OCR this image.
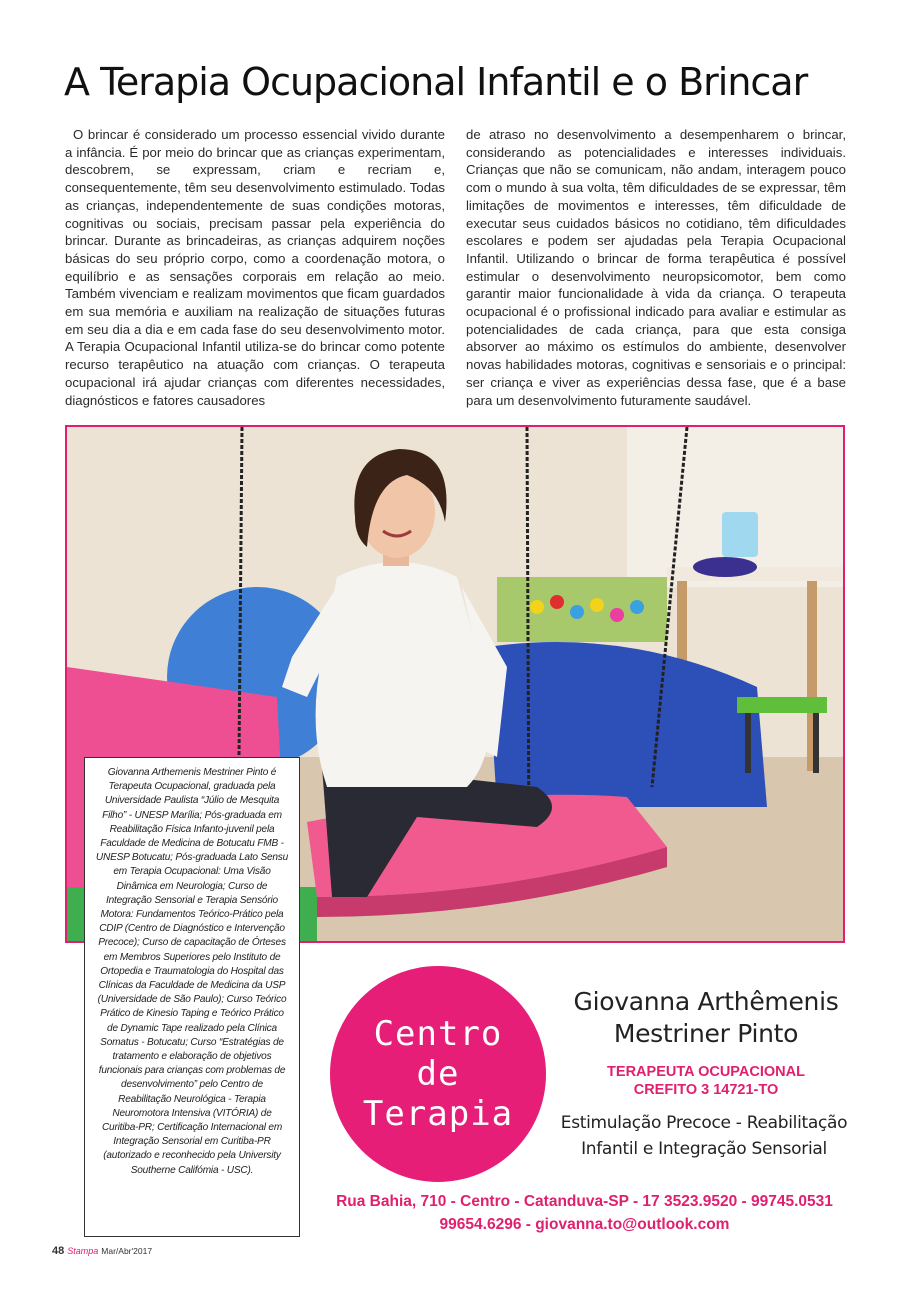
A Terapia Ocupacional Infantil e o Brincar

O brincar é considerado um processo essencial vivido durante a infância. É por meio do brincar que as crianças experimentam, descobrem, se expressam, criam e recriam e, consequentemente, têm seu desenvolvimento estimulado. Todas as crianças, independentemente de suas condições motoras, cognitivas ou sociais, precisam passar pela experiência do brincar. Durante as brincadeiras, as crianças adquirem noções básicas do seu próprio corpo, como a coordenação motora, o equilíbrio e as sensações corporais em relação ao meio. Também vivenciam e realizam movimentos que ficam guardados em sua memória e auxiliam na realização de situações futuras em seu dia a dia e em cada fase do seu desenvolvimento motor. A Terapia Ocupacional Infantil utiliza-se do brincar como potente recurso terapêutico na atuação com crianças. O terapeuta ocupacional irá ajudar crianças com diferentes necessidades, diagnósticos e fatores causadores

de atraso no desenvolvimento a desempenharem o brincar, considerando as potencialidades e interesses individuais. Crianças que não se comunicam, não andam, interagem pouco com o mundo à sua volta, têm dificuldades de se expressar, têm limitações de movimentos e interesses, têm dificuldade de executar seus cuidados básicos no cotidiano, têm dificuldades escolares e podem ser ajudadas pela Terapia Ocupacional Infantil. Utilizando o brincar de forma terapêutica é possível estimular o desenvolvimento neuropsicomotor, bem como garantir maior funcionalidade à vida da criança. O terapeuta ocupacional é o profissional indicado para avaliar e estimular as potencialidades de cada criança, para que esta consiga absorver ao máximo os estímulos do ambiente, desenvolver novas habilidades motoras, cognitivas e sensoriais e o principal: ser criança e viver as experiências dessa fase, que é a base para um desenvolvimento futuramente saudável.

Giovanna Arthemenis Mestriner Pinto é Terapeuta Ocupacional, graduada pela Universidade Paulista “Júlio de Mesquita Filho” - UNESP Marília; Pós-graduada em Reabilitação Física Infanto-juvenil pela Faculdade de Medicina de Botucatu FMB - UNESP Botucatu; Pós-graduada Lato Sensu em Terapia Ocupacional: Uma Visão Dinâmica em Neurologia; Curso de Integração Sensorial e Terapia Sensório Motora: Fundamentos Teórico-Prático pela CDIP (Centro de Diagnóstico e Intervenção Precoce); Curso de capacitação de Órteses em Membros Superiores pelo Instituto de Ortopedia e Traumatologia do Hospital das Clínicas da Faculdade de Medicina da USP (Universidade de São Paulo); Curso Teórico Prático de Kinesio Taping e Teórico Prático de Dynamic Tape realizado pela Clínica Somatus - Botucatu; Curso “Estratégias de tratamento e elaboração de objetivos funcionais para crianças com problemas de desenvolvimento” pelo Centro de Reabilitação Neurológica - Terapia Neuromotora Intensiva (VITÓRIA) de Curitiba-PR; Certificação Internacional em Integração Sensorial em Curitiba-PR (autorizado e reconhecido pela University Southerne Califómia - USC).
Centro
de
Terapia
Giovanna Arthêmenis
Mestriner Pinto
TERAPEUTA OCUPACIONAL
CREFITO 3 14721-TO
Estimulação Precoce - Reabilitação
Infantil e Integração Sensorial
Rua Bahia, 710 - Centro - Catanduva-SP - 17 3523.9520 - 99745.0531
99654.6296 - giovanna.to@outlook.com
48 Stampa Mar/Abr'2017
